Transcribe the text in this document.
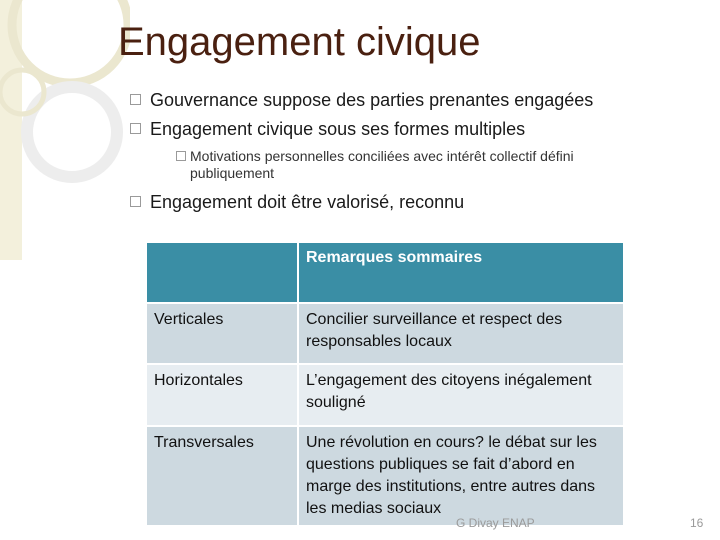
Engagement civique
Gouvernance suppose des parties prenantes engagées
Engagement civique sous ses formes multiples
Motivations personnelles conciliées avec intérêt collectif défini publiquement
Engagement doit être valorisé, reconnu
	Remarques sommaires
Verticales	Concilier surveillance et respect des responsables locaux
Horizontales	L’engagement des citoyens inégalement souligné
Transversales	Une révolution en cours? le débat sur les questions publiques se fait d’abord en marge des institutions, entre autres dans les medias sociaux
G Divay ENAP	16
